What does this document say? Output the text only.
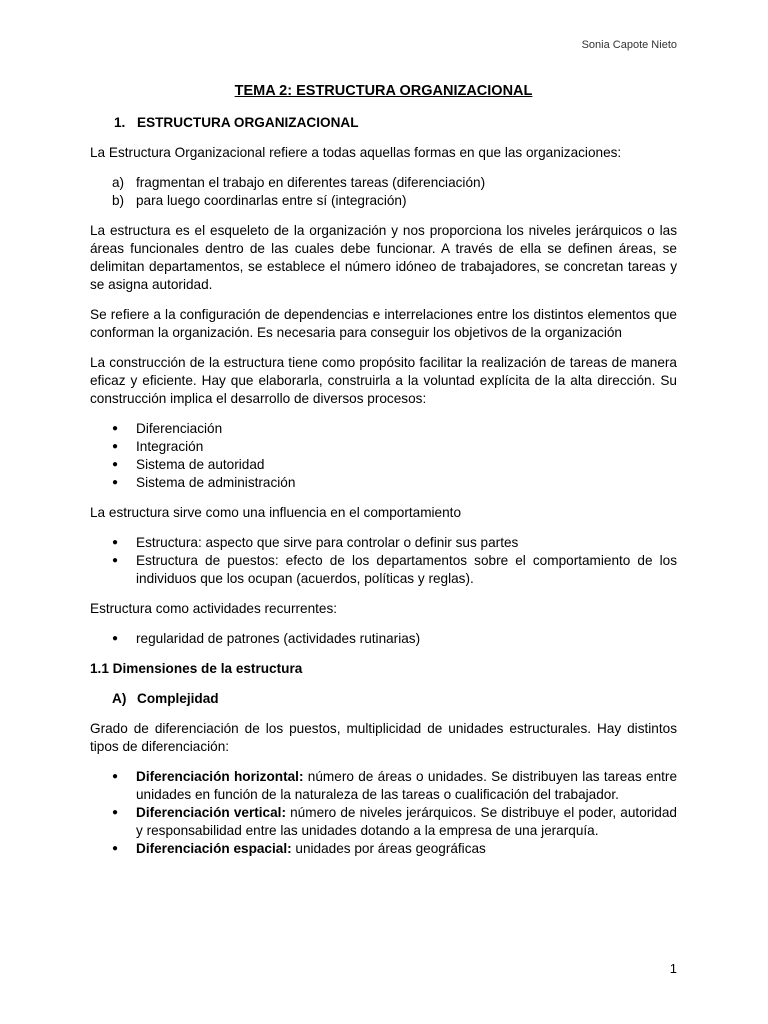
Sonia Capote Nieto
TEMA 2: ESTRUCTURA ORGANIZACIONAL
1. ESTRUCTURA ORGANIZACIONAL
La Estructura Organizacional refiere a todas aquellas formas en que las organizaciones:
a) fragmentan el trabajo en diferentes tareas (diferenciación)
b) para luego coordinarlas entre sí (integración)
La estructura es el esqueleto de la organización y nos proporciona los niveles jerárquicos o las áreas funcionales dentro de las cuales debe funcionar. A través de ella se definen áreas, se delimitan departamentos, se establece el número idóneo de trabajadores, se concretan tareas y se asigna autoridad.
Se refiere a la configuración de dependencias e interrelaciones entre los distintos elementos que conforman la organización. Es necesaria para conseguir los objetivos de la organización
La construcción de la estructura tiene como propósito facilitar la realización de tareas de manera eficaz y eficiente. Hay que elaborarla, construirla a la voluntad explícita de la alta dirección. Su construcción implica el desarrollo de diversos procesos:
●	Diferenciación
●	Integración
●	Sistema de autoridad
●	Sistema de administración
La estructura sirve como una influencia en el comportamiento
●	Estructura: aspecto que sirve para controlar o definir sus partes
●	Estructura de puestos: efecto de los departamentos sobre el comportamiento de los individuos que los ocupan (acuerdos, políticas y reglas).
Estructura como actividades recurrentes:
●	regularidad de patrones (actividades rutinarias)
1.1 Dimensiones de la estructura
A) Complejidad
Grado de diferenciación de los puestos, multiplicidad de unidades estructurales. Hay distintos tipos de diferenciación:
●	Diferenciación horizontal: número de áreas o unidades. Se distribuyen las tareas entre unidades en función de la naturaleza de las tareas o cualificación del trabajador.
●	Diferenciación vertical: número de niveles jerárquicos. Se distribuye el poder, autoridad y responsabilidad entre las unidades dotando a la empresa de una jerarquía.
●	Diferenciación espacial: unidades por áreas geográficas
1
